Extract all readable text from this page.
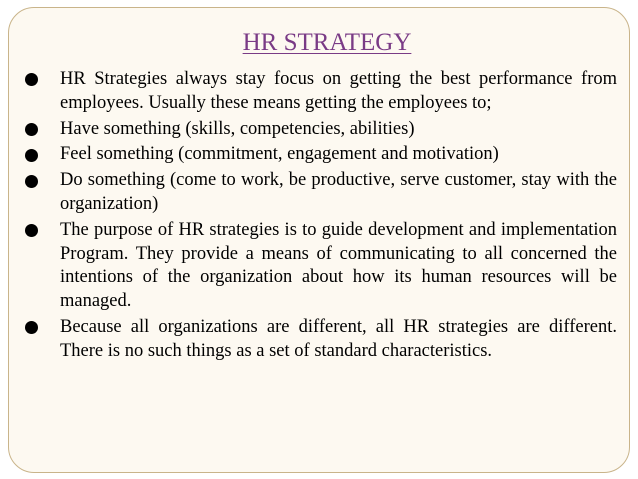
HR STRATEGY
HR Strategies always stay focus on getting the best performance from employees. Usually these means getting the employees to;
Have something (skills, competencies, abilities)
Feel something (commitment, engagement and motivation)
Do something (come to work, be productive, serve customer, stay with the organization)
The purpose of HR strategies is to guide development and implementation Program. They provide a means of communicating to all concerned the intentions of the organization about how its human resources will be managed.
Because all organizations are different, all HR strategies are different. There is no such things as a set of standard characteristics.
